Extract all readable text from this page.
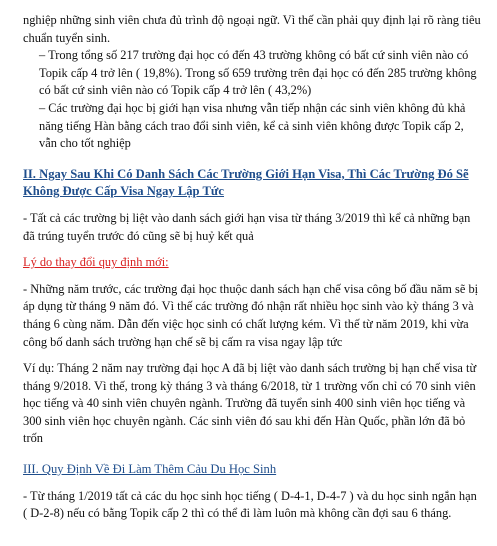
nghiệp những sinh viên chưa đủ trình độ ngoại ngữ. Vì thế cần phải quy định lại rõ ràng tiêu chuẩn tuyển sinh.

– Trong tổng số 217 trường đại học có đến 43 trường không có bất cứ sinh viên nào có Topik cấp 4 trở lên ( 19,8%). Trong số 659 trường trên đại học có đến 285 trường không có bất cứ sinh viên nào có Topik cấp 4 trở lên ( 43,2%)

– Các trường đại học bị giới hạn visa nhưng vẫn tiếp nhận các sinh viên không đủ khả năng tiếng Hàn bằng cách trao đổi sinh viên, kể cả sinh viên không được Topik cấp 2, vẫn cho tốt nghiệp

II. Ngay Sau Khi Có Danh Sách Các Trường Giới Hạn Visa, Thì Các Trường Đó Sẽ Không Được Cấp Visa Ngay Lập Tức

- Tất cả các trường bị liệt vào danh sách giới hạn visa từ tháng 3/2019 thì kể cả những bạn đã trúng tuyển trước đó cũng sẽ bị huỷ kết quả

Lý do thay đổi quy định mới:

- Những năm trước, các trường đại học thuộc danh sách hạn chế visa công bố đầu năm sẽ bị áp dụng từ tháng 9 năm đó. Vì thế các trường đó nhận rất nhiều học sinh vào kỳ tháng 3 và tháng 6 cùng năm. Dẫn đến việc học sinh có chất lượng kém. Vì thế từ năm 2019, khi vừa công bố danh sách trường hạn chế sẽ bị cấm ra visa ngay lập tức

Ví dụ: Tháng 2 năm nay trường đại học A đã bị liệt vào danh sách trường bị hạn chế visa từ tháng 9/2018. Vì thế, trong kỳ tháng 3 và tháng 6/2018, từ 1 trường vốn chỉ có 70 sinh viên học tiếng và 40 sinh viên chuyên ngành. Trường đã tuyển sinh 400 sinh viên học tiếng và 300 sinh viên học chuyên ngành. Các sinh viên đó sau khi đến Hàn Quốc, phần lớn đã bỏ trốn

III. Quy Định Về Đi Làm Thêm Cảu Du Học Sinh

- Từ tháng 1/2019 tất cả các du học sinh học tiếng ( D-4-1, D-4-7 ) và du học sinh ngắn hạn ( D-2-8) nếu có bằng Topik cấp 2 thì có thể đi làm luôn mà không cần đợi sau 6 tháng.
